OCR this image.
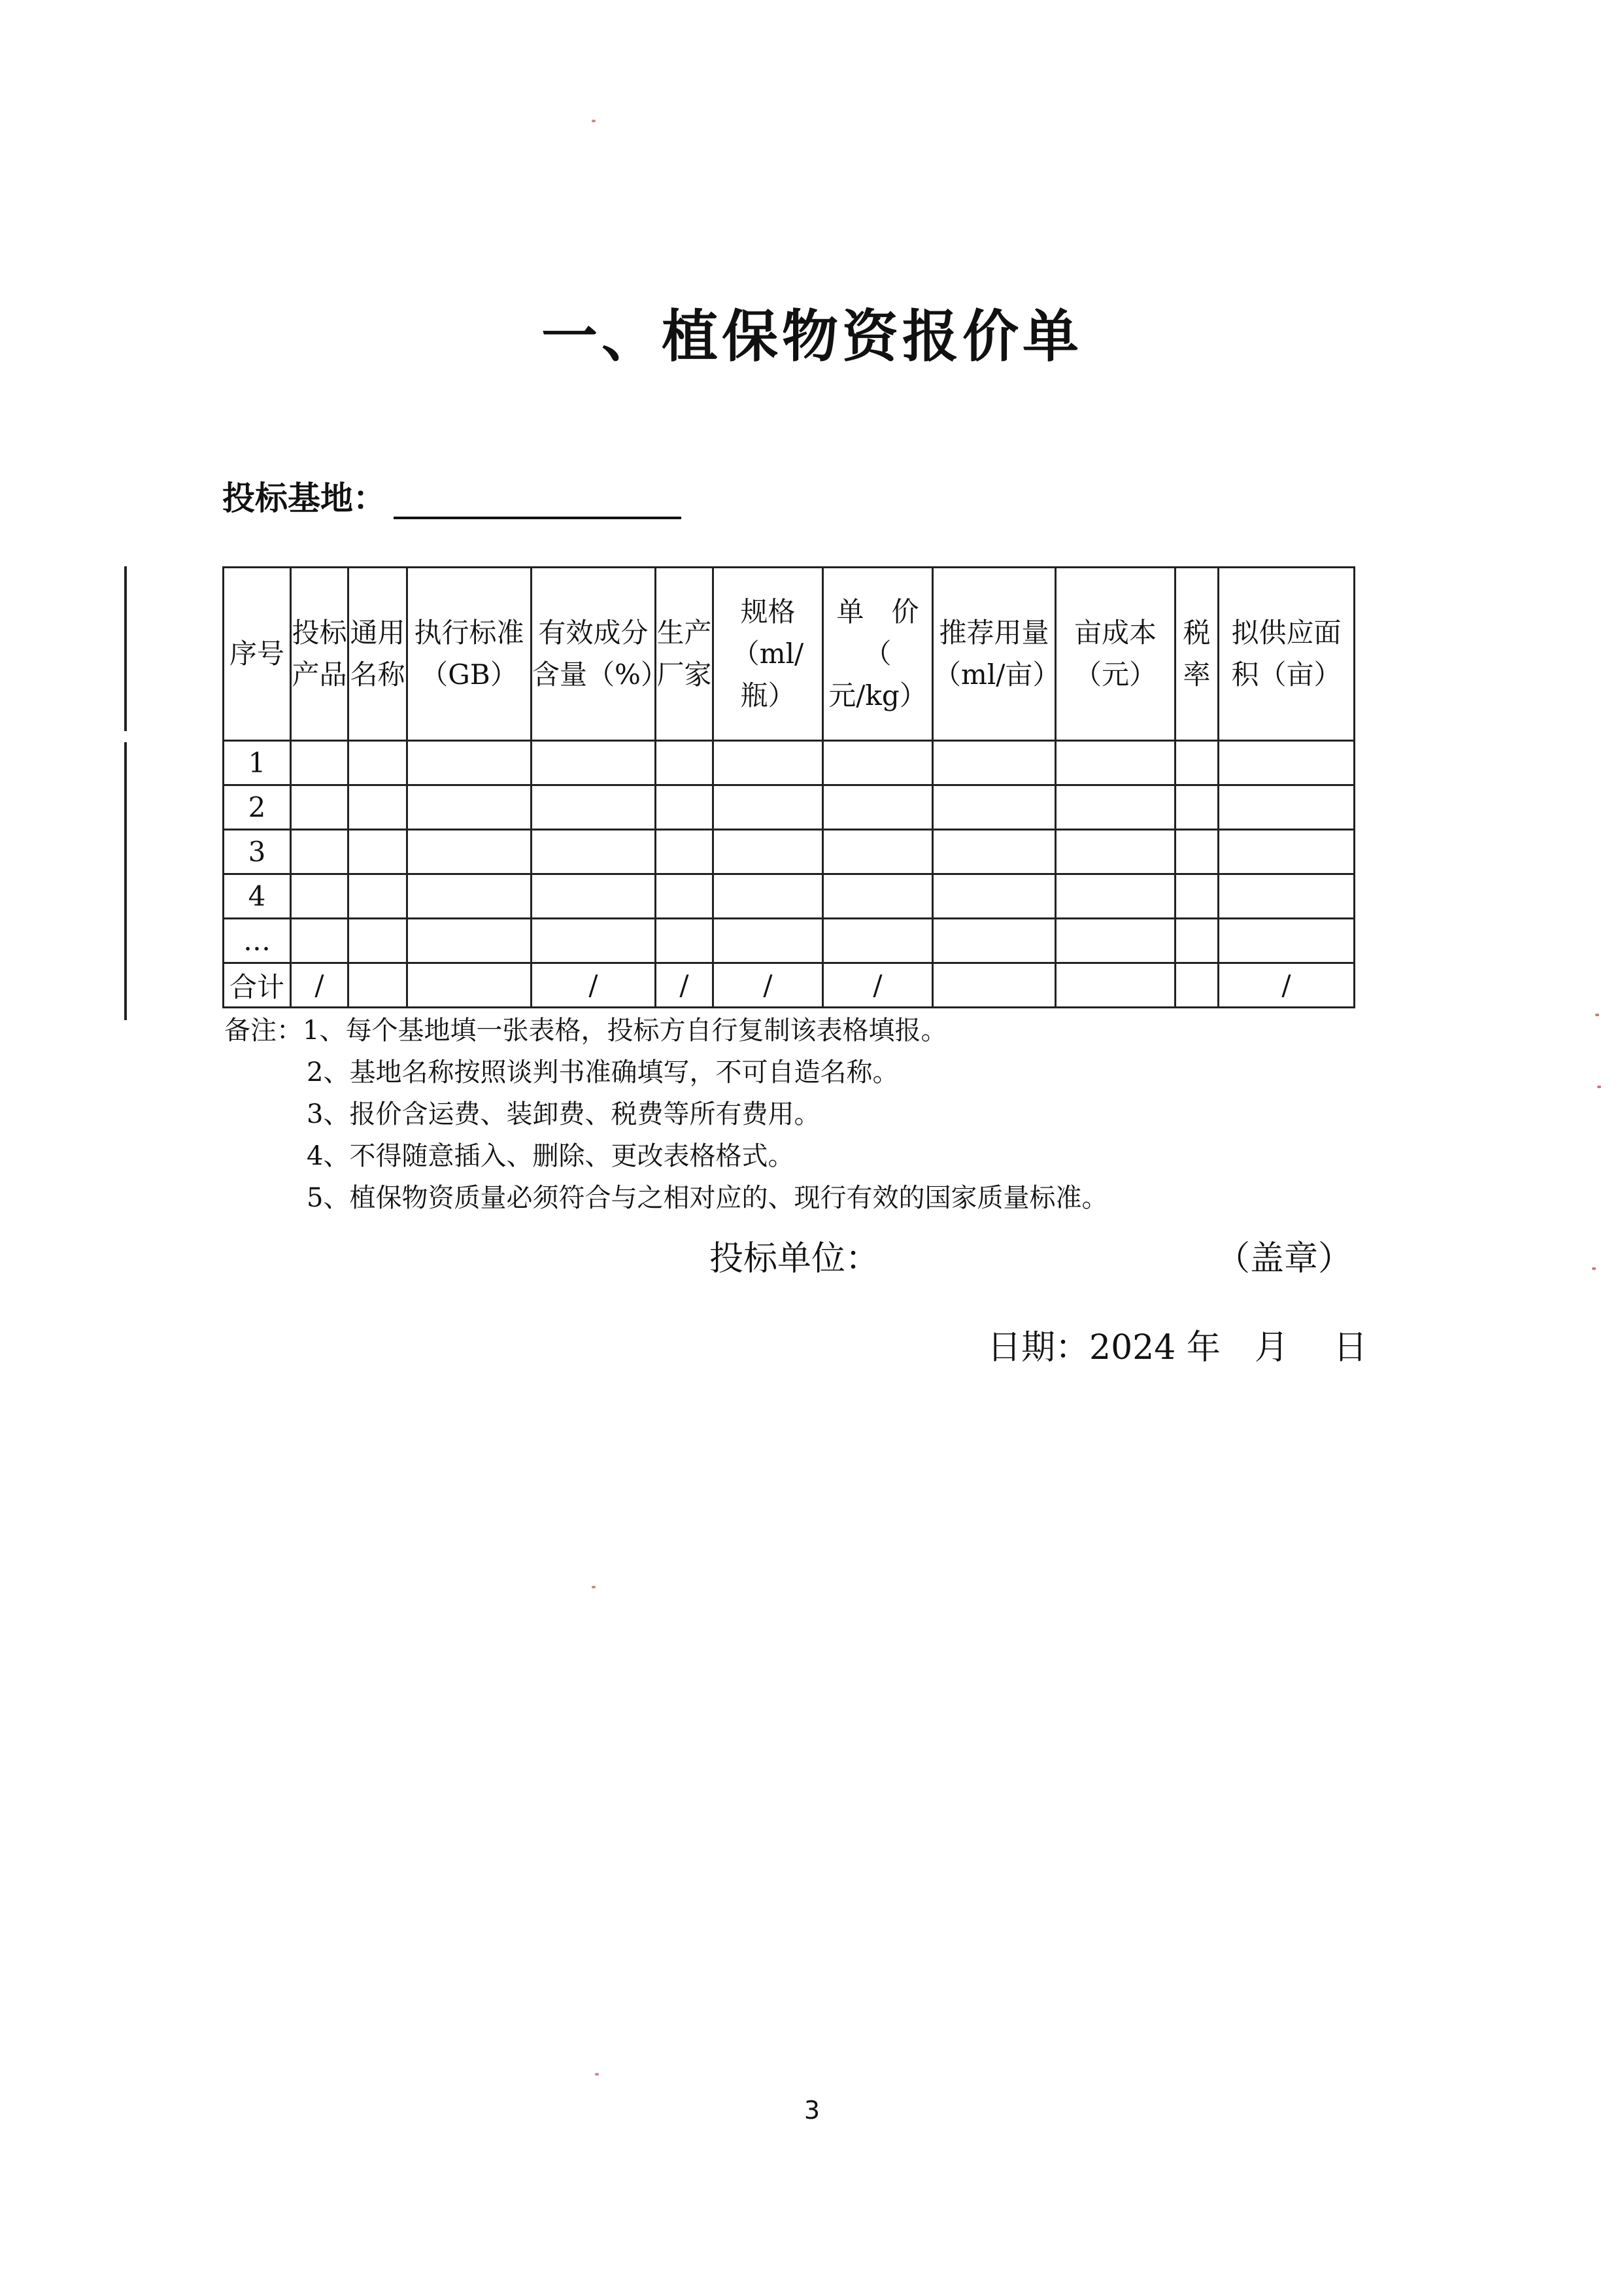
一、植保物资报价单
投标基地：
序号	投标产品	通用名称	执行标准（GB）	有效成分含量（%）	生产厂家	规格（ml/瓶）	单　价（　元/kg）	推荐用量（ml/亩）	亩成本（元）	税率	拟供应面积（亩）
1											
2											
3											
4											
…											
合计	/			/	/	/	/				/
备注：1、每个基地填一张表格，投标方自行复制该表格填报。
2、基地名称按照谈判书准确填写，不可自造名称。
3、报价含运费、装卸费、税费等所有费用。
4、不得随意插入、删除、更改表格格式。
5、植保物资质量必须符合与之相对应的、现行有效的国家质量标准。
投标单位：	（盖章）
日期：2024 年　月　 日
3
